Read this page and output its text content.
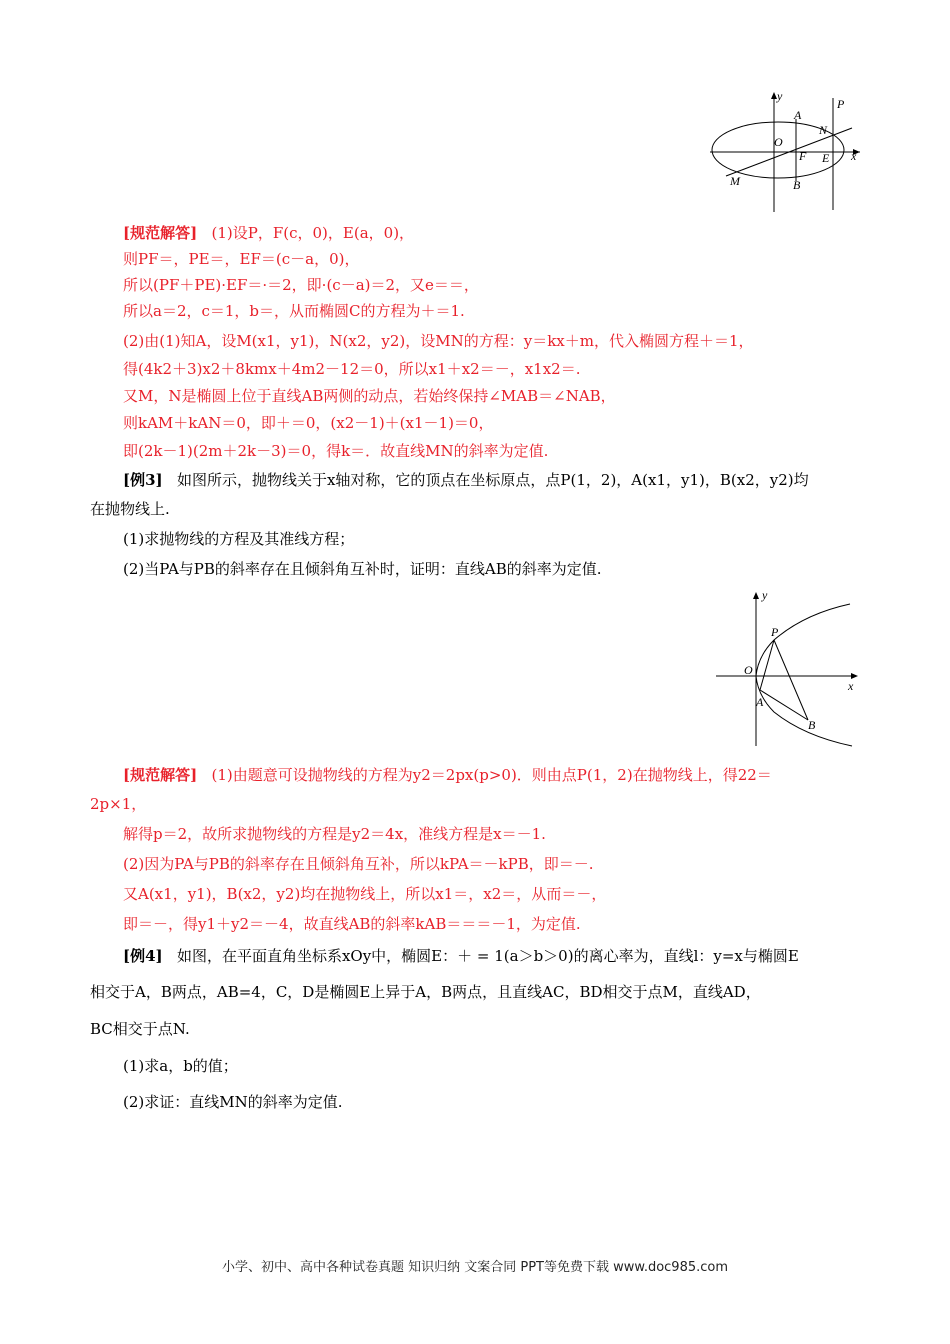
y
x
O
A
B
P
N
F E
M
[规范解答] (1)设P，F(c，0)，E(a，0)，
则PF＝，PE＝，EF＝(c－a，0)，
所以(PF＋PE)·EF＝·＝2，即·(c－a)＝2，又e＝＝，
所以a＝2，c＝1，b＝，从而椭圆C的方程为＋＝1.
(2)由(1)知A，设M(x1，y1)，N(x2，y2)，设MN的方程：y＝kx＋m，代入椭圆方程＋＝1，
得(4k2＋3)x2＋8kmx＋4m2－12＝0，所以x1＋x2＝－，x1x2＝.
又M，N是椭圆上位于直线AB两侧的动点，若始终保持∠MAB＝∠NAB，
则kAM＋kAN＝0，即＋＝0，(x2－1)＋(x1－1)＝0，
即(2k－1)(2m＋2k－3)＝0，得k＝．故直线MN的斜率为定值.
[例3] 如图所示，抛物线关于x轴对称，它的顶点在坐标原点，点P(1，2)，A(x1，y1)，B(x2，y2)均
在抛物线上.
(1)求抛物线的方程及其准线方程；
(2)当PA与PB的斜率存在且倾斜角互补时，证明：直线AB的斜率为定值.
y
x
O
P
A
B
[规范解答] (1)由题意可设抛物线的方程为y2＝2px(p>0)．则由点P(1，2)在抛物线上，得22＝
2p×1，
解得p＝2，故所求抛物线的方程是y2＝4x，准线方程是x＝－1.
(2)因为PA与PB的斜率存在且倾斜角互补，所以kPA＝－kPB，即＝－.
又A(x1，y1)，B(x2，y2)均在抛物线上，所以x1＝，x2＝，从而＝－，
即＝－，得y1＋y2＝－4，故直线AB的斜率kAB＝＝＝－1，为定值.
[例4] 如图，在平面直角坐标系xOy中，椭圆E：＋ = 1(a＞b＞0)的离心率为，直线l：y=x与椭圆E
相交于A，B两点，AB=4，C，D是椭圆E上异于A，B两点，且直线AC，BD相交于点M，直线AD，
BC相交于点N.
(1)求a，b的值；
(2)求证：直线MN的斜率为定值.
小学、初中、高中各种试卷真题 知识归纳 文案合同 PPT等免费下载 www.doc985.com
